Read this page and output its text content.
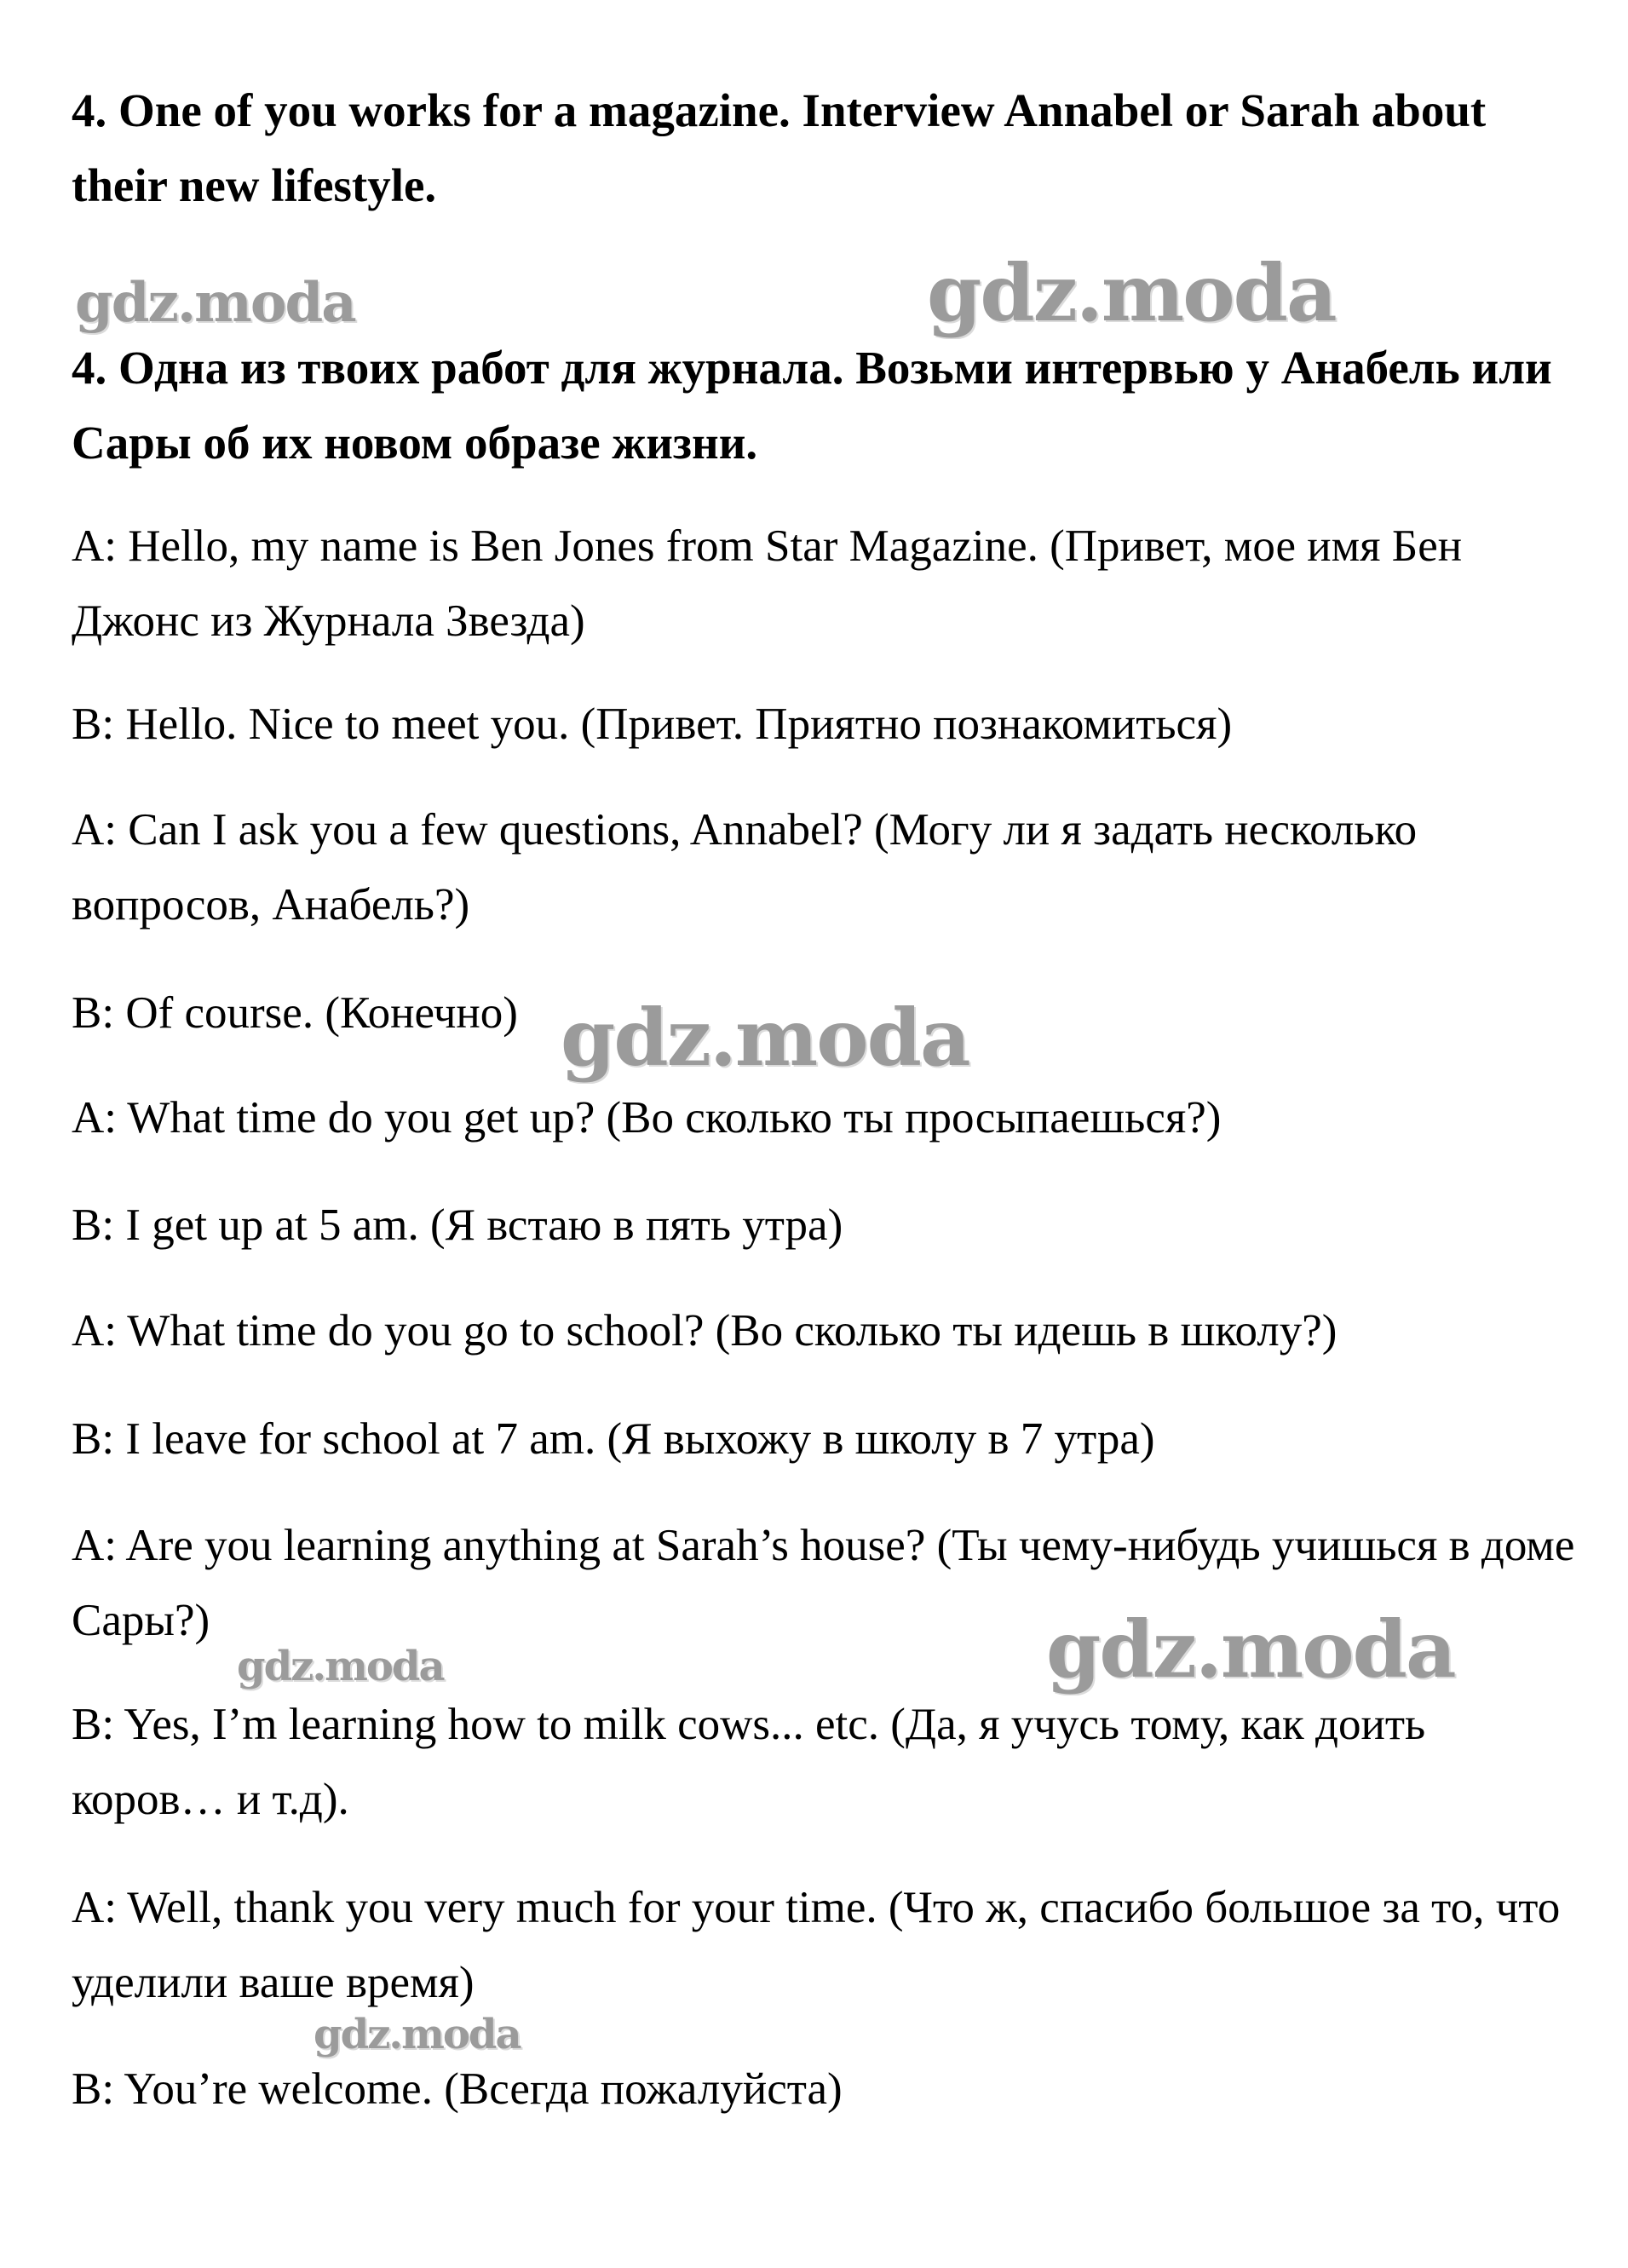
4. One of you works for a magazine. Interview Annabel or Sarah about their new lifestyle.

gdz.moda	gdz.moda

4. Одна из твоих работ для журнала. Возьми интервью у Анабель или Сары об их новом образе жизни.

A: Hello, my name is Ben Jones from Star Magazine. (Привет, мое имя Бен Джонс из Журнала Звезда)

B: Hello. Nice to meet you. (Привет. Приятно познакомиться)

A: Can I ask you a few questions, Annabel? (Могу ли я задать несколько вопросов, Анабель?)

B: Of course. (Конечно) gdz.moda

A: What time do you get up? (Во сколько ты просыпаешься?)

B: I get up at 5 am. (Я встаю в пять утра)

A: What time do you go to school? (Во сколько ты идешь в школу?)

B: I leave for school at 7 am. (Я выхожу в школу в 7 утра)

A: Are you learning anything at Sarah’s house? (Ты чему-нибудь учишься в доме Сары?)	gdz.moda
gdz.moda

B: Yes, I’m learning how to milk cows... etc. (Да, я учусь тому, как доить коров… и т.д).

A: Well, thank you very much for your time. (Что ж, спасибо большое за то, что уделили ваше время)

gdz.moda

B: You’re welcome. (Всегда пожалуйста)
